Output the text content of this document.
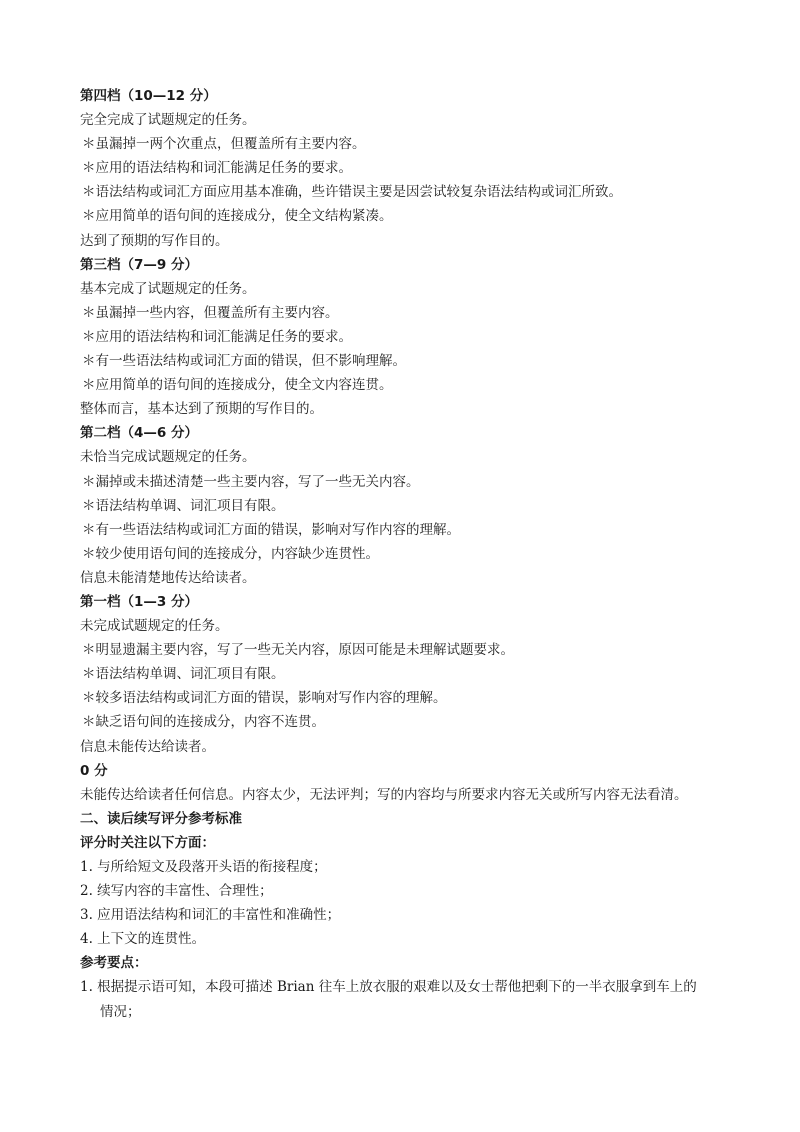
第四档（10—12 分）
完全完成了试题规定的任务。
＊虽漏掉一两个次重点，但覆盖所有主要内容。
＊应用的语法结构和词汇能满足任务的要求。
＊语法结构或词汇方面应用基本准确，些许错误主要是因尝试较复杂语法结构或词汇所致。
＊应用简单的语句间的连接成分，使全文结构紧凑。
达到了预期的写作目的。
第三档（7—9 分）
基本完成了试题规定的任务。
＊虽漏掉一些内容，但覆盖所有主要内容。
＊应用的语法结构和词汇能满足任务的要求。
＊有一些语法结构或词汇方面的错误，但不影响理解。
＊应用简单的语句间的连接成分，使全文内容连贯。
整体而言，基本达到了预期的写作目的。
第二档（4—6 分）
未恰当完成试题规定的任务。
＊漏掉或未描述清楚一些主要内容，写了一些无关内容。
＊语法结构单调、词汇项目有限。
＊有一些语法结构或词汇方面的错误，影响对写作内容的理解。
＊较少使用语句间的连接成分，内容缺少连贯性。
信息未能清楚地传达给读者。
第一档（1—3 分）
未完成试题规定的任务。
＊明显遗漏主要内容，写了一些无关内容，原因可能是未理解试题要求。
＊语法结构单调、词汇项目有限。
＊较多语法结构或词汇方面的错误，影响对写作内容的理解。
＊缺乏语句间的连接成分，内容不连贯。
信息未能传达给读者。
0 分
未能传达给读者任何信息。内容太少，无法评判；写的内容均与所要求内容无关或所写内容无法看清。
二、读后续写评分参考标准
评分时关注以下方面：
1. 与所给短文及段落开头语的衔接程度；
2. 续写内容的丰富性、合理性；
3. 应用语法结构和词汇的丰富性和准确性；
4. 上下文的连贯性。
参考要点：
1. 根据提示语可知，本段可描述 Brian 往车上放衣服的艰难以及女士帮他把剩下的一半衣服拿到车上的
情况；
